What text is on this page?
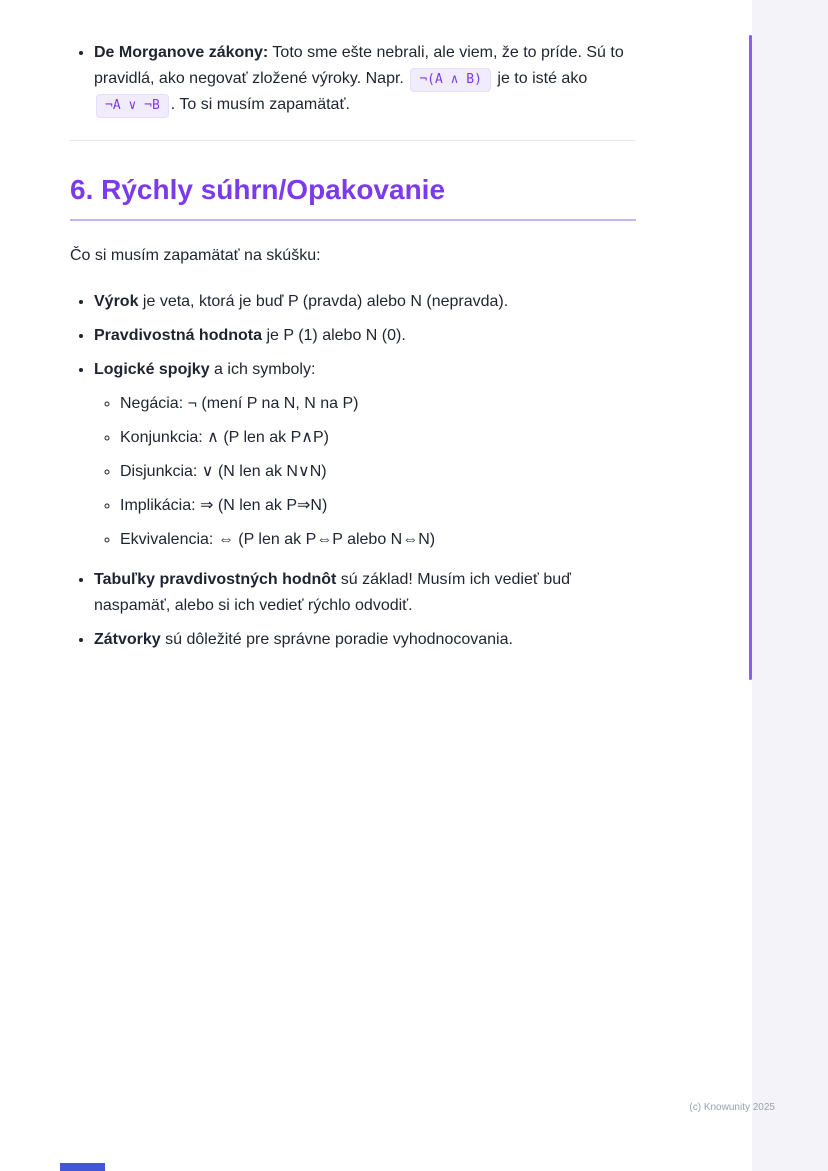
• De Morganove zákony: Toto sme ešte nebrali, ale viem, že to príde. Sú to pravidlá, ako negovať zložené výroky. Napr. ¬(A ∧ B) je to isté ako ¬A ∨ ¬B . To si musím zapamätať.
6. Rýchly súhrn/Opakovanie

Čo si musím zapamätať na skúšku:

• Výrok je veta, ktorá je buď P (pravda) alebo N (nepravda).
• Pravdivostná hodnota je P (1) alebo N (0).
• Logické spojky a ich symboly:
◦ Negácia: ¬ (mení P na N, N na P)
◦ Konjunkcia: ∧ (P len ak P∧P)
◦ Disjunkcia: ∨ (N len ak N∨N)
◦ Implikácia: ⇒ (N len ak P⇒N)
◦ Ekvivalencia: ⇔ (P len ak P⇔P alebo N⇔N)
• Tabuľky pravdivostných hodnôt sú základ! Musím ich vedieť buď naspamäť, alebo si ich vedieť rýchlo odvodiť.
• Zátvorky sú dôležité pre správne poradie vyhodnocovania.
(c) Knowunity 2025
